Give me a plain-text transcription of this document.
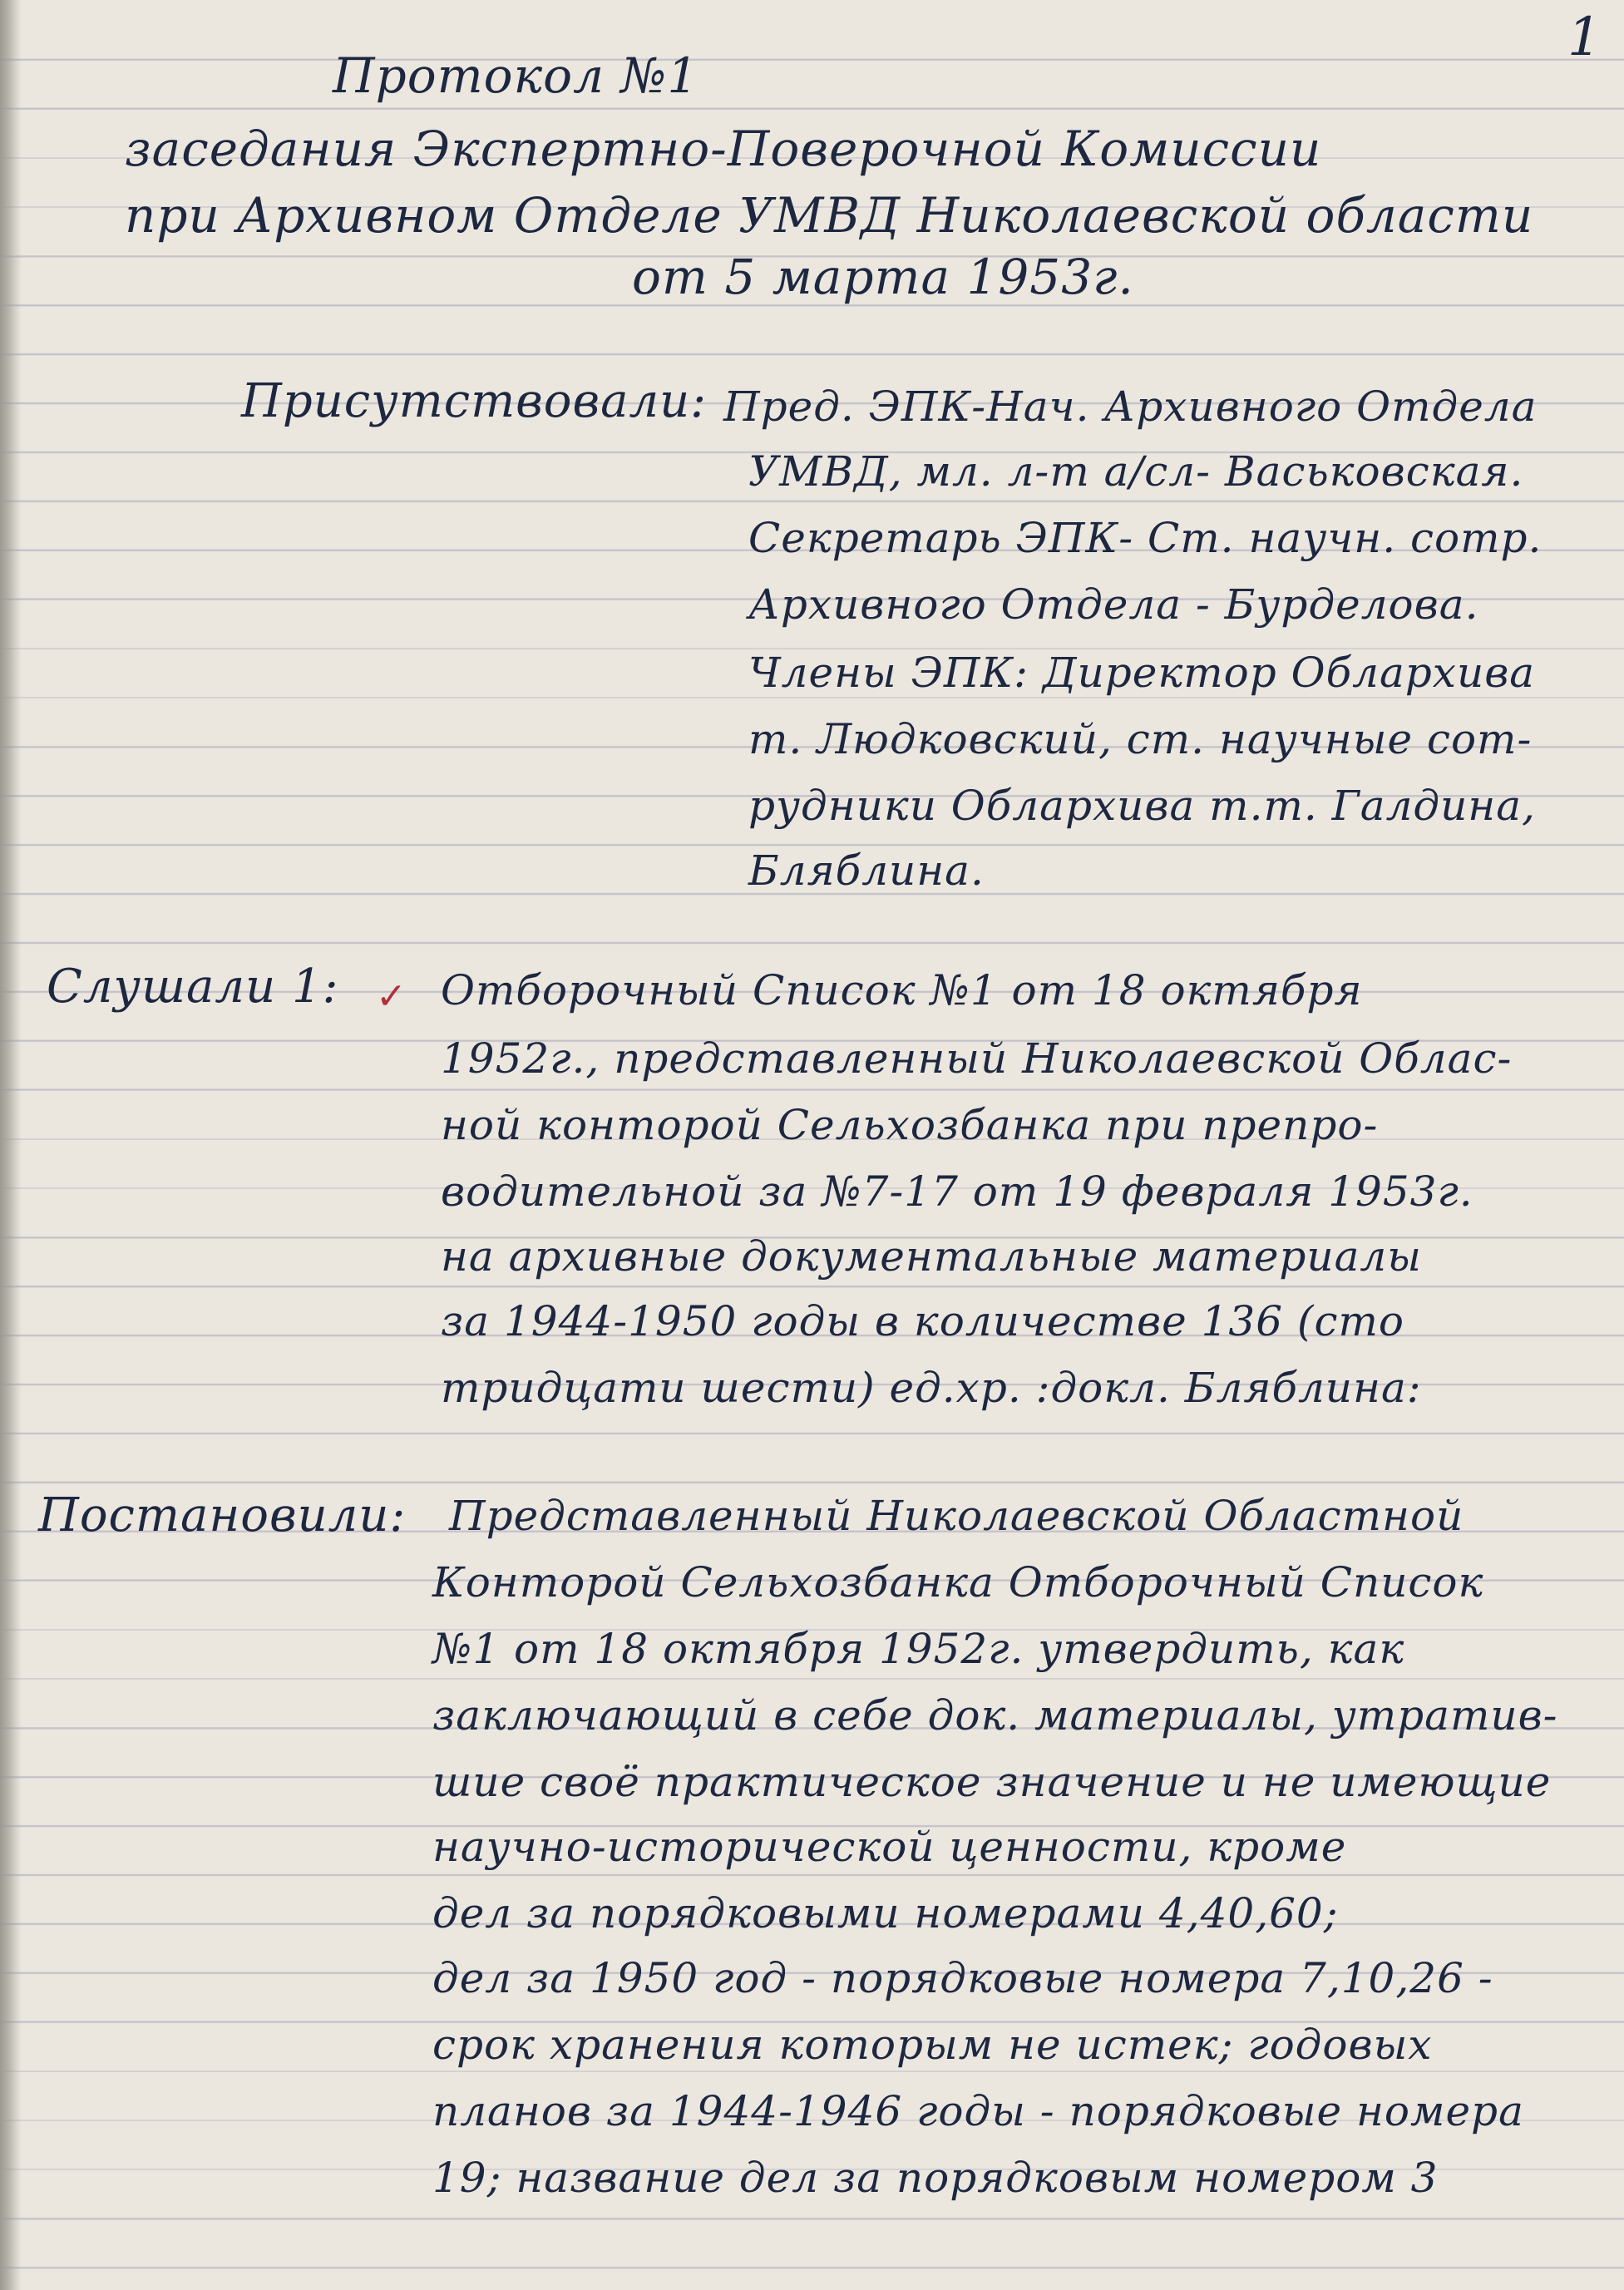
1
Протокол №1
заседания Экспертно-Поверочной Комиссии
при Архивном Отделе УМВД Николаевской области
от 5 марта 1953г.
Присутствовали: Пред. ЭПК-Нач. Архивного Отдела
УМВД, мл. л-т а/сл- Васьковская.
Секретарь ЭПК- Ст. научн. сотр.
Архивного Отдела - Бурделова.
Члены ЭПК: Директор Облархива
т. Людковский, ст. научные сот-
рудники Облархива т.т. Галдина,
Бляблина.
Слушали 1: ✓ Отборочный Список №1 от 18 октября
1952г., представленный Николаевской Облас-
ной конторой Сельхозбанка при препро-
водительной за №7-17 от 19 февраля 1953г.
на архивные документальные материалы
за 1944-1950 годы в количестве 136 (сто
тридцати шести) ед.хр. :докл. Бляблина:
Постановили: Представленный Николаевской Областной
Конторой Сельхозбанка Отборочный Список
№1 от 18 октября 1952г. утвердить, как
заключающий в себе док. материалы, утратив-
шие своё практическое значение и не имеющие
научно-исторической ценности, кроме
дел за порядковыми номерами 4,40,60;
дел за 1950 год - порядковые номера 7,10,26 -
срок хранения которым не истек; годовых
планов за 1944-1946 годы - порядковые номера
19; название дел за порядковым номером 3
